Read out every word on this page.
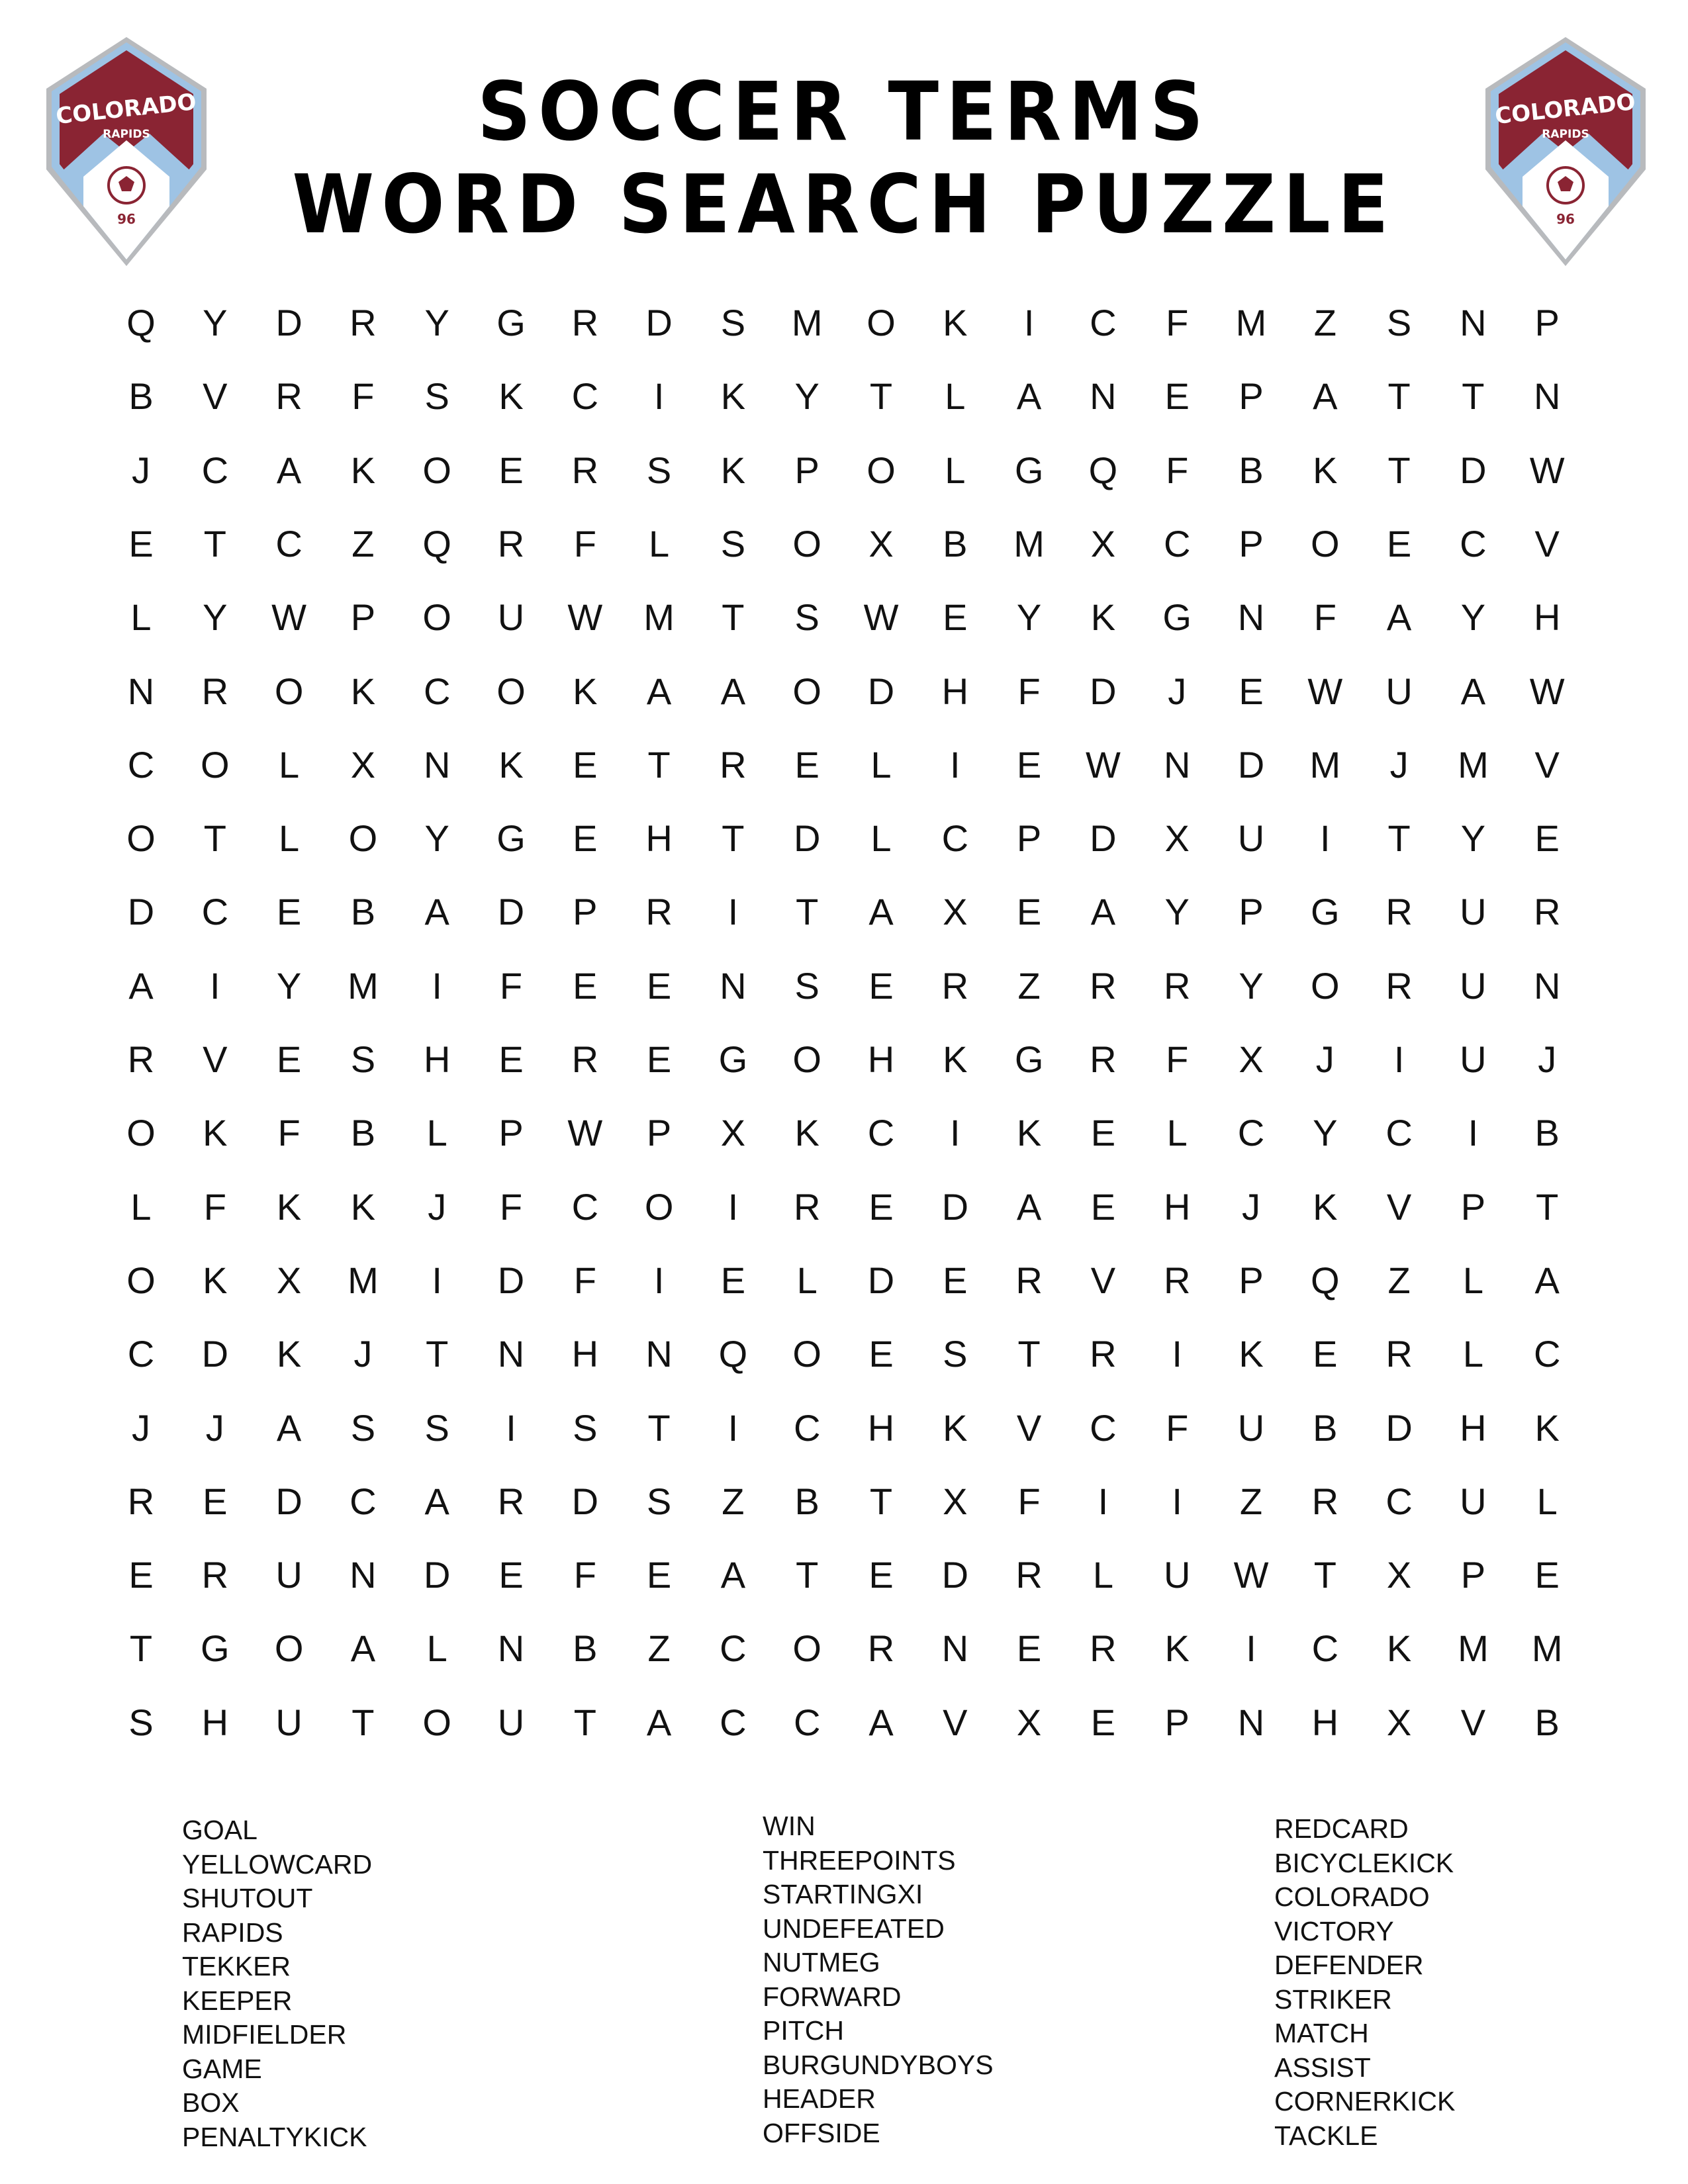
SOCCER TERMS
WORD SEARCH PUZZLE
96
COLORADO
RAPIDS
96
COLORADO
RAPIDS
Q	Y	D	R	Y	G	R	D	S	M	O	K	I	C	F	M	Z	S	N	P
B	V	R	F	S	K	C	I	K	Y	T	L	A	N	E	P	A	T	T	N
J	C	A	K	O	E	R	S	K	P	O	L	G	Q	F	B	K	T	D	W
E	T	C	Z	Q	R	F	L	S	O	X	B	M	X	C	P	O	E	C	V
L	Y	W	P	O	U	W	M	T	S	W	E	Y	K	G	N	F	A	Y	H
N	R	O	K	C	O	K	A	A	O	D	H	F	D	J	E	W	U	A	W
C	O	L	X	N	K	E	T	R	E	L	I	E	W	N	D	M	J	M	V
O	T	L	O	Y	G	E	H	T	D	L	C	P	D	X	U	I	T	Y	E
D	C	E	B	A	D	P	R	I	T	A	X	E	A	Y	P	G	R	U	R
A	I	Y	M	I	F	E	E	N	S	E	R	Z	R	R	Y	O	R	U	N
R	V	E	S	H	E	R	E	G	O	H	K	G	R	F	X	J	I	U	J
O	K	F	B	L	P	W	P	X	K	C	I	K	E	L	C	Y	C	I	B
L	F	K	K	J	F	C	O	I	R	E	D	A	E	H	J	K	V	P	T
O	K	X	M	I	D	F	I	E	L	D	E	R	V	R	P	Q	Z	L	A
C	D	K	J	T	N	H	N	Q	O	E	S	T	R	I	K	E	R	L	C
J	J	A	S	S	I	S	T	I	C	H	K	V	C	F	U	B	D	H	K
R	E	D	C	A	R	D	S	Z	B	T	X	F	I	I	Z	R	C	U	L
E	R	U	N	D	E	F	E	A	T	E	D	R	L	U	W	T	X	P	E
T	G	O	A	L	N	B	Z	C	O	R	N	E	R	K	I	C	K	M	M
S	H	U	T	O	U	T	A	C	C	A	V	X	E	P	N	H	X	V	B
GOAL
YELLOWCARD
SHUTOUT
RAPIDS
TEKKER
KEEPER
MIDFIELDER
GAME
BOX
PENALTYKICK
WIN
THREEPOINTS
STARTINGXI
UNDEFEATED
NUTMEG
FORWARD
PITCH
BURGUNDYBOYS
HEADER
OFFSIDE
REDCARD
BICYCLEKICK
COLORADO
VICTORY
DEFENDER
STRIKER
MATCH
ASSIST
CORNERKICK
TACKLE
